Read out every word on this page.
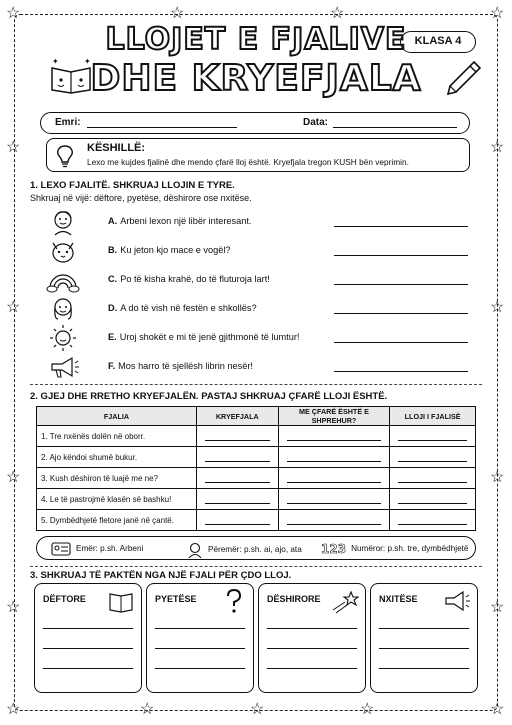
☆	☆
☆	☆
☆	☆
☆	☆
☆	☆
☆	☆
☆	☆	☆
☆	☆
LLOJET E FJALIVE
DHE KRYEFJALA
KLASA 4
✦	✦
Emri:	Data:
KËSHILLË:
Lexo me kujdes fjalinë dhe mendo çfarë lloj është. Kryefjala tregon KUSH bën veprimin.
1. LEXO FJALITË. SHKRUAJ LLOJIN E TYRE.
Shkruaj në vijë: dëftore, pyetëse, dëshirore ose nxitëse.
A. Arbeni lexon një libër interesant.
B. Ku jeton kjo mace e vogël?
C. Po të kisha krahë, do të fluturoja lart!
D. A do të vish në festën e shkollës?
E. Uroj shokët e mi të jenë gjithmonë të lumtur!
F. Mos harro të sjellësh librin nesër!
2. GJEJ DHE RRETHO KRYEFJALËN. PASTAJ SHKRUAJ ÇFARË LLOJI ËSHTË.
FJALIA	KRYEFJALA	ME ÇFARË ËSHTË E SHPREHUR?	LLOJI I FJALISË
1. Tre nxënës dolën në oborr.	

2. Ajo këndoi shumë bukur.	

3. Kush dëshiron të luajë me ne?	

4. Le të pastrojmë klasën së bashku!	

5. Dymbëdhjetë fletore janë në çantë.	

Emër: p.sh. Arbeni	Përemër: p.sh. ai, ajo, ata 123 Numëror: p.sh. tre, dymbëdhjetë
3. SHKRUAJ TË PAKTËN NGA NJË FJALI PËR ÇDO LLOJ.
DËFTORE	PYETËSE	DËSHIRORE	NXITËSE
